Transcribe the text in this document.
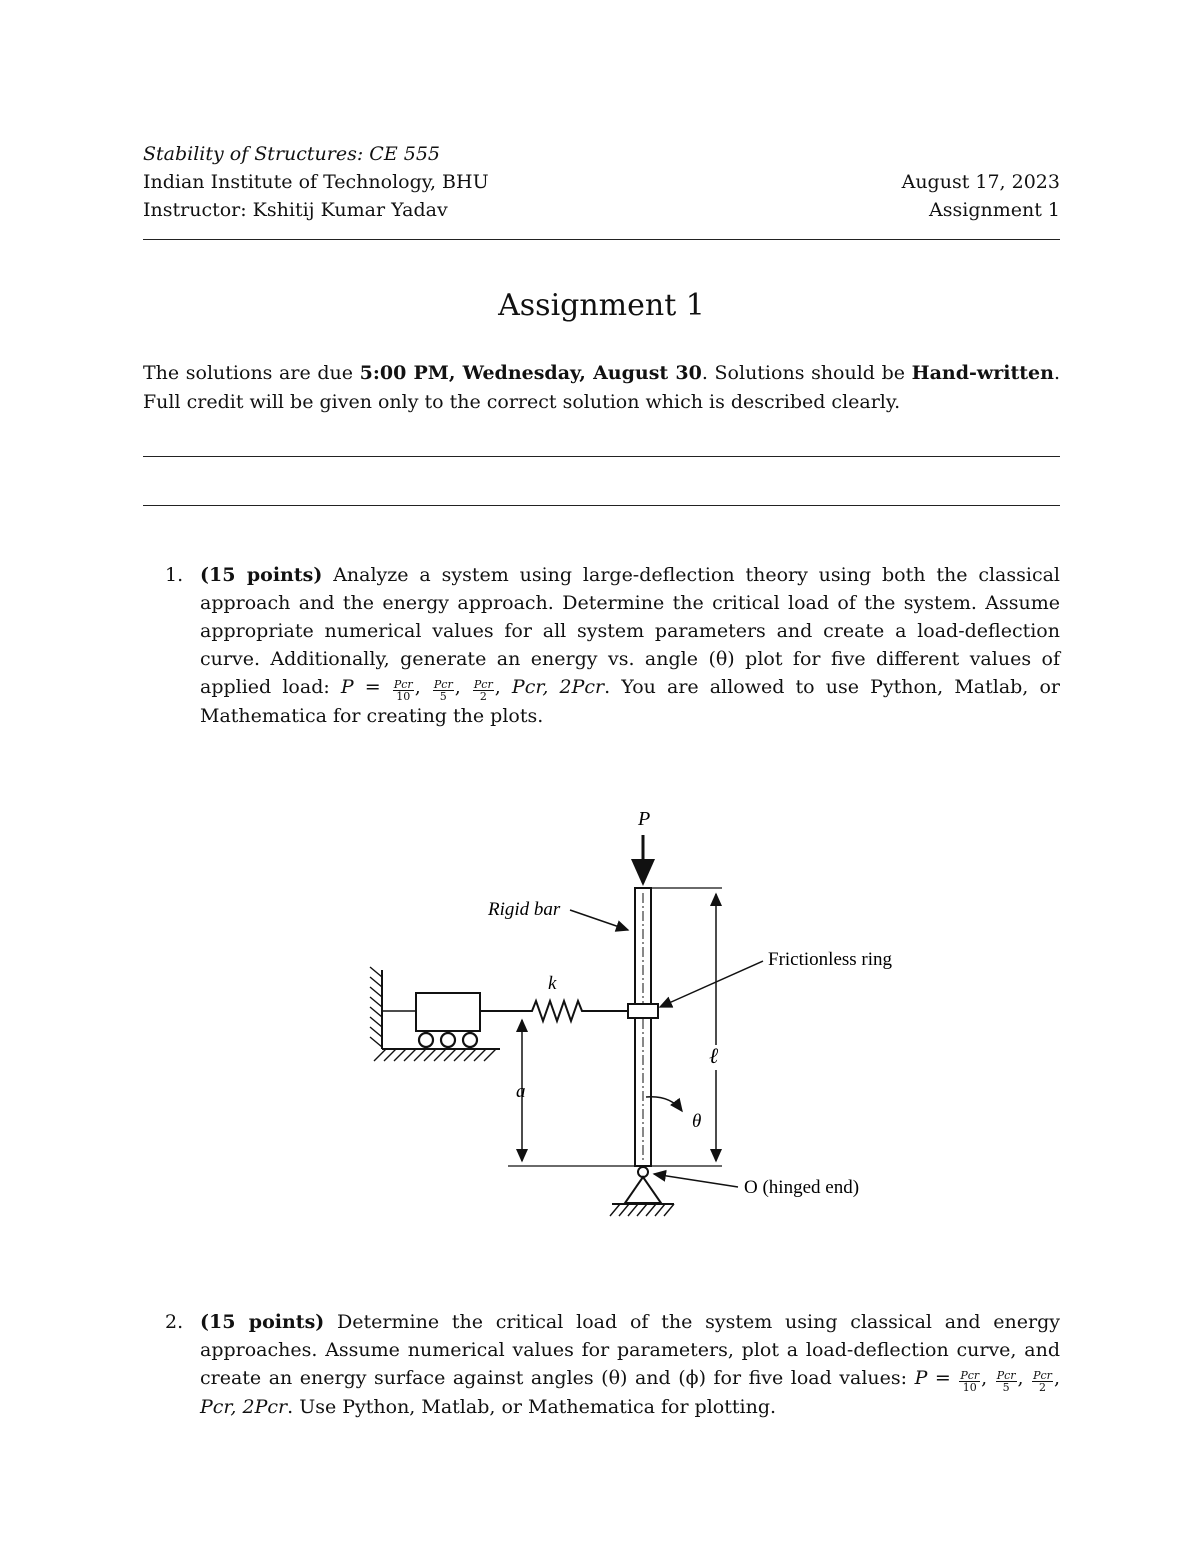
Stability of Structures: CE 555
Indian Institute of Technology, BHU	August 17, 2023
Instructor: Kshitij Kumar Yadav	Assignment 1
Assignment 1
The solutions are due 5:00 PM, Wednesday, August 30. Solutions should be Hand-written. Full credit will be given only to the correct solution which is described clearly.
1. (15 points) Analyze a system using large-deflection theory using both the classical approach and the energy approach. Determine the critical load of the system. Assume appropriate numerical values for all system parameters and create a load-deflection curve. Additionally, generate an energy vs. angle (θ) plot for five different values of applied load: $P = \frac{\text{Pcr}}{10}$ , $\frac{\text{Pcr}}{5}$ , $\frac{\text{Pcr}}{2}$ , Pcr, 2Pcr. You are allowed to use Python, Matlab, or Mathematica for creating the plots.
P
Rigid bar
Frictionless ring
k
a
ℓ
θ
O (hinged end)
2. (15 points) Determine the critical load of the system using classical and energy approaches. Assume numerical values for parameters, plot a load-deflection curve, and create an energy surface against angles (θ) and (ϕ) for five load values: $P = \frac{\text{Pcr}}{10}$ , $\frac{\text{Pcr}}{5}$ , $\frac{\text{Pcr}}{2}$ , Pcr, 2Pcr. Use Python, Matlab, or Mathematica for plotting.
